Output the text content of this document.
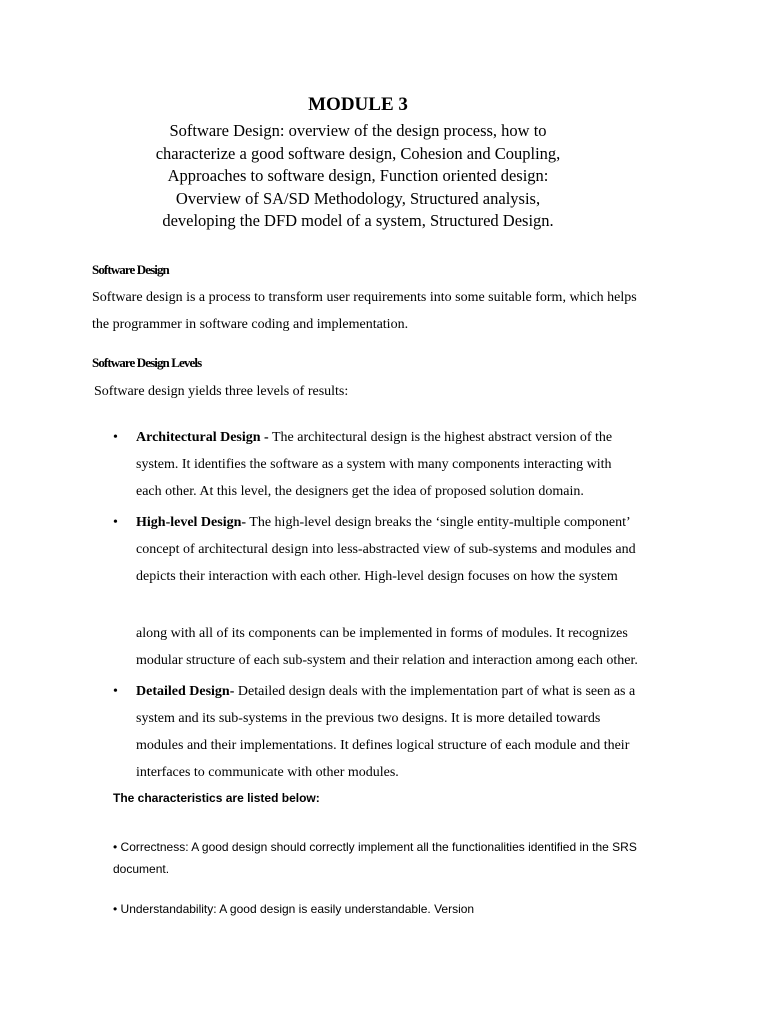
MODULE 3
Software Design: overview of the design process, how to
characterize a good software design, Cohesion and Coupling,
Approaches to software design, Function oriented design:
Overview of SA/SD Methodology, Structured analysis,
developing the DFD model of a system, Structured Design.
Software Design
Software design is a process to transform user requirements into some suitable form, which helps
the programmer in software coding and implementation.
Software Design Levels
Software design yields three levels of results:
• Architectural Design - The architectural design is the highest abstract version of the
system. It identifies the software as a system with many components interacting with
each other. At this level, the designers get the idea of proposed solution domain.
• High-level Design- The high-level design breaks the ‘single entity-multiple component’
concept of architectural design into less-abstracted view of sub-systems and modules and
depicts their interaction with each other. High-level design focuses on how the system
along with all of its components can be implemented in forms of modules. It recognizes
modular structure of each sub-system and their relation and interaction among each other.
• Detailed Design- Detailed design deals with the implementation part of what is seen as a
system and its sub-systems in the previous two designs. It is more detailed towards
modules and their implementations. It defines logical structure of each module and their
interfaces to communicate with other modules.
The characteristics are listed below:
• Correctness: A good design should correctly implement all the functionalities identified in the SRS
document.
• Understandability: A good design is easily understandable. Version
